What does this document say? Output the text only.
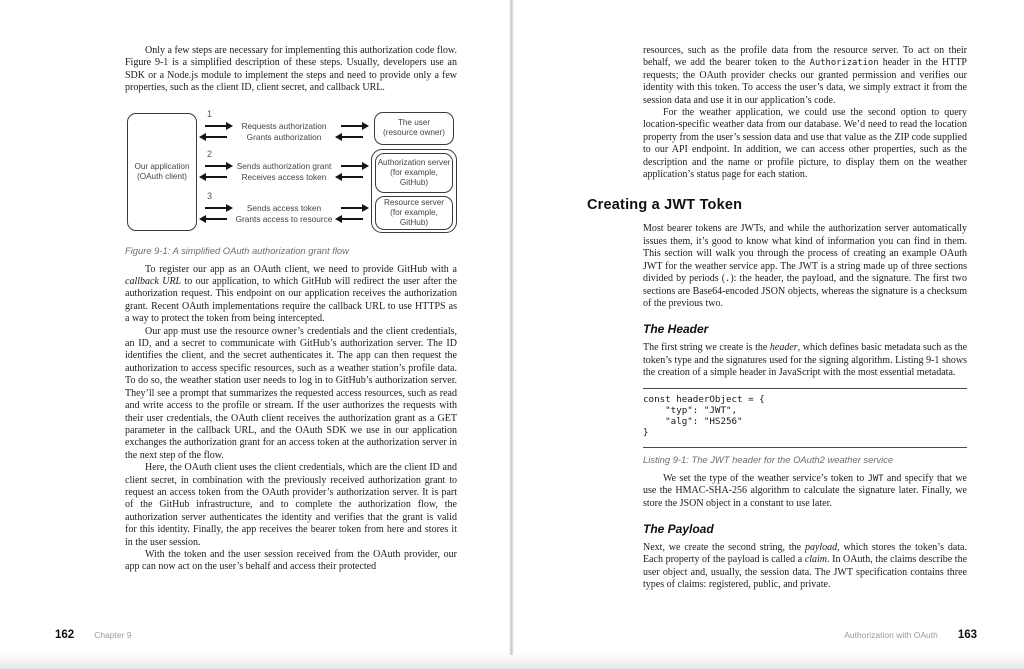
Only a few steps are necessary for implementing this authorization code flow. Figure 9-1 is a simplified description of these steps. Usually, developers use an SDK or a Node.js module to implement the steps and need to provide only a few properties, such as the client ID, client secret, and callback URL.

Our application
(OAuth client)
1
Requests authorization
Grants authorization
2
Sends authorization grant
Receives access token
3
Sends access token
Grants access to resource
The user
(resource owner)
Authorization server
(for example,
GitHub)
Resource server
(for example,
GitHub)

Figure 9-1: A simplified OAuth authorization grant flow

To register our app as an OAuth client, we need to provide GitHub with a callback URL to our application, to which GitHub will redirect the user after the authorization request. This endpoint on our application receives the authorization grant. Recent OAuth implementations require the callback URL to use HTTPS as a way to protect the token from being intercepted.

Our app must use the resource owner’s credentials and the client credentials, an ID, and a secret to communicate with GitHub’s authorization server. The ID identifies the client, and the secret authenticates it. The app can then request the authorization to access specific resources, such as a weather station’s profile data. To do so, the weather station user needs to log in to GitHub’s authorization server. They’ll see a prompt that summarizes the requested access resources, such as read and write access to the profile or stream. If the user authorizes the requests with their user credentials, the OAuth client receives the authorization grant as a GET parameter in the callback URL, and the OAuth SDK we use in our application exchanges the authorization grant for an access token at the authorization server in the next step of the flow.

Here, the OAuth client uses the client credentials, which are the client ID and client secret, in combination with the previously received authorization grant to request an access token from the OAuth provider’s authorization server. It is part of the GitHub infrastructure, and to complete the authorization flow, the authorization server authenticates the identity and verifies that the grant is valid for this identity. Finally, the app receives the bearer token from here and stores it in the user session.

With the token and the user session received from the OAuth provider, our app can now act on the user’s behalf and access their protected

162 Chapter 9

resources, such as the profile data from the resource server. To act on their behalf, we add the bearer token to the Authorization header in the HTTP requests; the OAuth provider checks our granted permission and verifies our identity with this token. To access the user’s data, we simply extract it from the session data and use it in our application’s code.

For the weather application, we could use the second option to query location-specific weather data from our database. We’d need to read the location property from the user’s session data and use that value as the ZIP code supplied to our API endpoint. In addition, we can access other properties, such as the description and the name or profile picture, to display them on the weather application’s status page for each station.

Creating a JWT Token

Most bearer tokens are JWTs, and while the authorization server automatically issues them, it’s good to know what kind of information you can find in them. This section will walk you through the process of creating an example OAuth JWT for the weather service app. The JWT is a string made up of three sections divided by periods (.): the header, the payload, and the signature. The first two sections are Base64-encoded JSON objects, whereas the signature is a checksum of the previous two.

The Header

The first string we create is the header, which defines basic metadata such as the token’s type and the signatures used for the signing algorithm. Listing 9-1 shows the creation of a simple header in JavaScript with the most essential metadata.

const headerObject = {
"typ": "JWT",
"alg": "HS256"
}

Listing 9-1: The JWT header for the OAuth2 weather service

We set the type of the weather service’s token to JWT and specify that we use the HMAC-SHA-256 algorithm to calculate the signature later. Finally, we store the JSON object in a constant to use later.

The Payload

Next, we create the second string, the payload, which stores the token’s data. Each property of the payload is called a claim. In OAuth, the claims describe the user object and, usually, the session data. The JWT specification contains three types of claims: registered, public, and private.

Authorization with OAuth 163
